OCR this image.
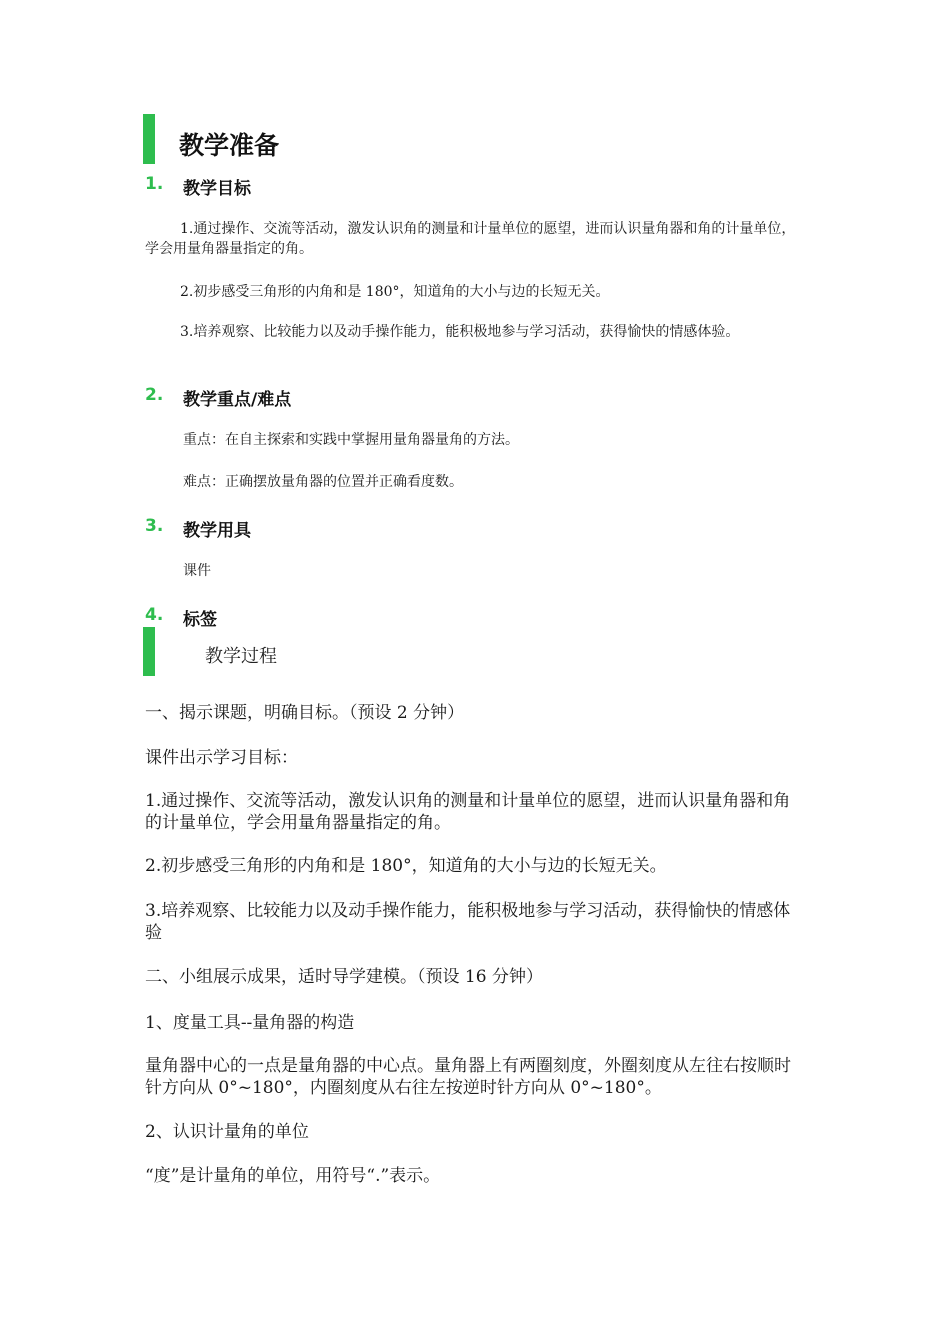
教学准备
1. 教学目标
1.通过操作、交流等活动，激发认识角的测量和计量单位的愿望，进而认识量角器和角的计量单位，学会用量角器量指定的角。
2.初步感受三角形的内角和是 180°，知道角的大小与边的长短无关。
3.培养观察、比较能力以及动手操作能力，能积极地参与学习活动，获得愉快的情感体验。
2. 教学重点/难点
重点：在自主探索和实践中掌握用量角器量角的方法。
难点：正确摆放量角器的位置并正确看度数。
3. 教学用具
课件
4. 标签
教学过程
一、揭示课题，明确目标。（预设 2 分钟）
课件出示学习目标：
1.通过操作、交流等活动，激发认识角的测量和计量单位的愿望，进而认识量角器和角的计量单位，学会用量角器量指定的角。
2.初步感受三角形的内角和是 180°，知道角的大小与边的长短无关。
3.培养观察、比较能力以及动手操作能力，能积极地参与学习活动，获得愉快的情感体验
二、小组展示成果，适时导学建模。（预设 16 分钟）
1、度量工具--量角器的构造
量角器中心的一点是量角器的中心点。量角器上有两圈刻度，外圈刻度从左往右按顺时针方向从 0°~180°，内圈刻度从右往左按逆时针方向从 0°~180°。
2、认识计量角的单位
“度”是计量角的单位，用符号“.”表示。
